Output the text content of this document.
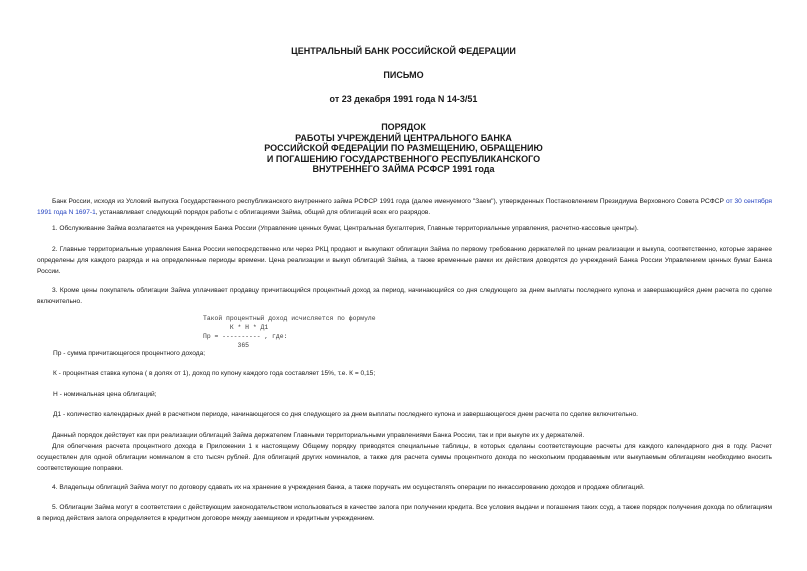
ЦЕНТРАЛЬНЫЙ БАНК РОССИЙСКОЙ ФЕДЕРАЦИИ
ПИСЬМО
от 23 декабря 1991 года N 14-3/51
ПОРЯДОК
РАБОТЫ УЧРЕЖДЕНИЙ ЦЕНТРАЛЬНОГО БАНКА
РОССИЙСКОЙ ФЕДЕРАЦИИ ПО РАЗМЕЩЕНИЮ, ОБРАЩЕНИЮ
И ПОГАШЕНИЮ ГОСУДАРСТВЕННОГО РЕСПУБЛИКАНСКОГО
ВНУТРЕННЕГО ЗАЙМА РСФСР 1991 года
Банк России, исходя из Условий выпуска Государственного республиканского внутреннего займа РСФСР 1991 года (далее именуемого "Заем"), утвержденных Постановлением Президиума Верховного Совета РСФСР от 30 сентября 1991 года N 1697-1, устанавливает следующий порядок работы с облигациями Займа, общий для облигаций всех его разрядов.
1. Обслуживание Займа возлагается на учреждения Банка России (Управление ценных бумаг, Центральная бухгалтерия, Главные территориальные управления, расчетно-кассовые центры).
2. Главные территориальные управления Банка России непосредственно или через РКЦ продают и выкупают облигации Займа по первому требованию держателей по ценам реализации и выкупа, соответственно, которые заранее определены для каждого разряда и на определенные периоды времени. Цена реализации и выкуп облигаций Займа, а также временные рамки их действия доводятся до учреждений Банка России Управлением ценных бумаг Банка России.
3. Кроме цены покупатель облигации Займа уплачивает продавцу причитающийся процентный доход за период, начинающийся со дня следующего за днем выплаты последнего купона и завершающийся днем расчета по сделке включительно.
Такой процентный доход исчисляется по формуле
К * Н * Д1
Пр = ---------- , где:
365
Пр - сумма причитающегося процентного дохода;
К - процентная ставка купона ( в долях от 1), доход по купону каждого года составляет 15%, т.е. К = 0,15;
Н - номинальная цена облигаций;
Д1 - количество календарных дней в расчетном периоде, начинающегося со дня следующего за днем выплаты последнего купона и завершающегося днем расчета по сделке включительно.
Данный порядок действует как при реализации облигаций Займа держателем Главными территориальными управлениями Банка России, так и при выкупе их у держателей.
Для облегчения расчета процентного дохода в Приложении 1 к настоящему Общему порядку приводятся специальные таблицы, в которых сделаны соответствующие расчеты для каждого календарного дня в году. Расчет осуществлен для одной облигации номиналом в сто тысяч рублей. Для облигаций других номиналов, а также для расчета суммы процентного дохода по нескольким продаваемым или выкупаемым облигациям необходимо вносить соответствующие поправки.
4. Владельцы облигаций Займа могут по договору сдавать их на хранение в учреждения банка, а также поручать им осуществлять операции по инкассированию доходов и продаже облигаций.
5. Облигации Займа могут в соответствии с действующим законодательством использоваться в качестве залога при получении кредита. Все условия выдачи и погашения таких ссуд, а также порядок получения дохода по облигациям в период действия залога определяется в кредитном договоре между заемщиком и кредитным учреждением.
